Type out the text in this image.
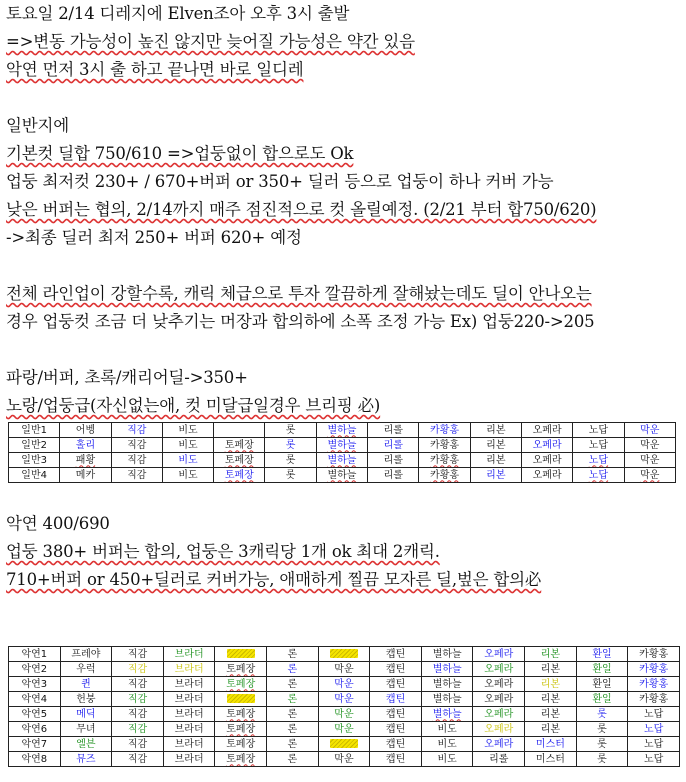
토요일 2/14 디레지에 Elven조아 오후 3시 출발
=>변동 가능성이 높진 않지만 늦어질 가능성은 약간 있음
악연 먼저 3시 출 하고 끝나면 바로 일디레
일반지에
기본컷 딜합 750/610 =>업둥없이 합으로도 Ok
업둥 최저컷 230+ / 670+버퍼 or 350+ 딜러 등으로 업둥이 하나 커버 가능
낮은 버퍼는 협의, 2/14까지 매주 점진적으로 컷 올릴예정. (2/21 부터 합750/620)
->최종 딜러 최저 250+ 버퍼 620+ 예정
전체 라인업이 강할수록, 캐릭 체급으로 투자 깔끔하게 잘해놨는데도 딜이 안나오는
경우 업둥컷 조금 더 낮추기는 머장과 합의하에 소폭 조정 가능 Ex) 업둥220->205
파랑/버퍼, 초록/캐리어딜->350+
노랑/업둥급(자신없는애, 컷 미달급일경우 브리핑 必)
일반1	어벵	직감	비도		롯	별하늘	리롤	카황홍	리본	오페라	노답	막운
일반2	홀리	직감	비도	토페장	롯	별하늘	리롤	카황홍	리본	오페라	노답	막운
일반3	패황	직감	비도	토페장	롯	별하늘	리롤	카황홍	리본	오페라	노답	막운
일반4	메카	직감	비도	토페장	롯	별하늘	리롤	카황홍	리본	오페라	노답	막운
악연 400/690
업둥 380+ 버퍼는 합의, 업둥은 3캐릭당 1개 ok 최대 2캐릭.
710+버퍼 or 450+딜러로 커버가능, 애매하게 찔끔 모자른 딜,벞은 합의必
악연1	프레야	직감	브라더		론		캡틴	별하늘	오페라	리본	환일	카황홍
악연2	우럭	직감	브라더	토페장	론	막운	캡틴	별하늘	오페라	리본	환일	카황홍
악연3	퀸	직감	브라더	토페장	론	막운	캡틴	별하늘	오페라	리본	환일	카황홍
악연4	헌붕	직감	브라더		론	막운	캡틴	별하늘	오페라	리본	환일	카황홍
악연5	메딕	직감	브라더	토페장	론	막운	캡틴	별하늘	오페라	리본	롯	노답
악연6	무녀	직감	브라더	토페장	론	막운	캡틴	비도	오페라	리본	롯	노답
악연7	엘븐	직감	브라더	토페장	론		캡틴	비도	오페라	미스터	롯	노답
악연8	뮤즈	직감	브라더	토페장	론	막운	캡틴	비도	리롤	미스터	롯	노답
